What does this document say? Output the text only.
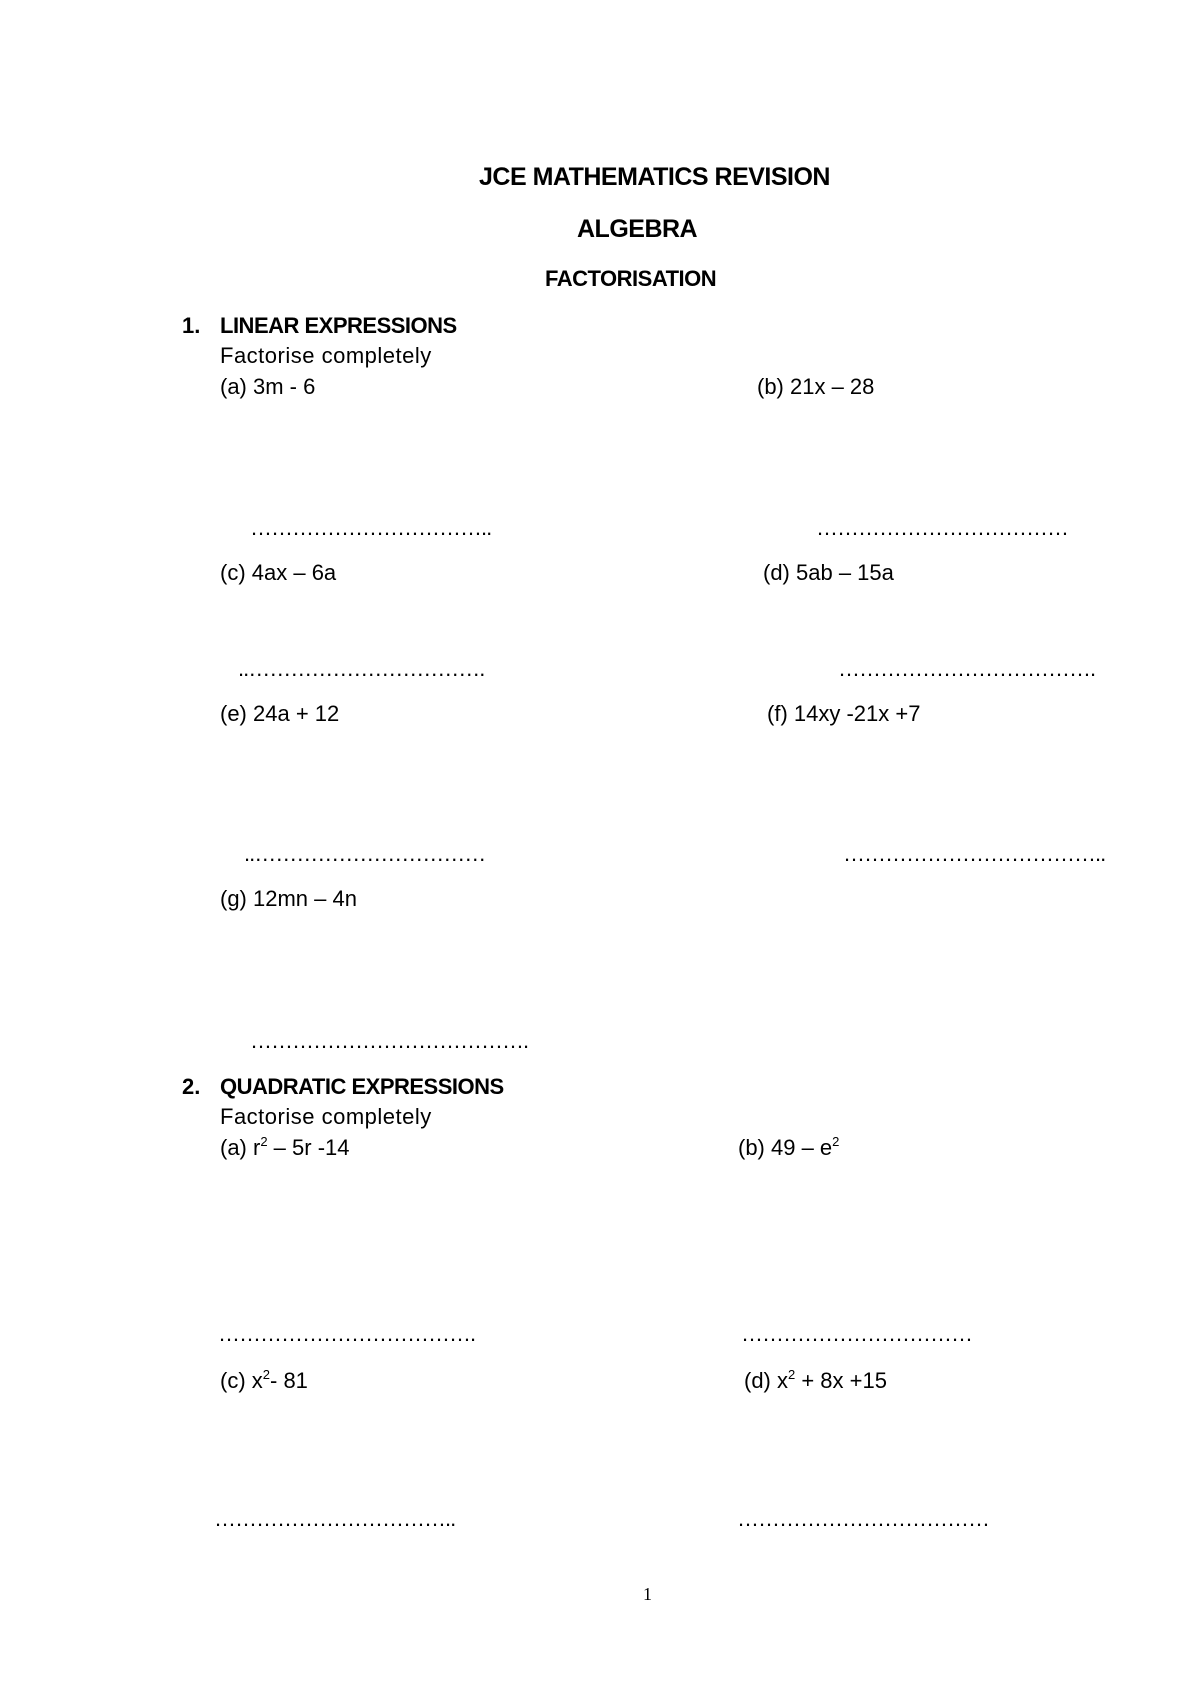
JCE MATHEMATICS REVISION
ALGEBRA
FACTORISATION
1. LINEAR EXPRESSIONS
Factorise completely
(a) 3m - 6	(b) 21x – 28
……………………………..	………………………………
(c) 4ax – 6a	(d) 5ab – 15a
..…………………………….	……………………………….
(e) 24a + 12	(f) 14xy -21x +7
..……………………………	………………………………..
(g) 12mn – 4n
………………………………….
2. QUADRATIC EXPRESSIONS
Factorise completely
(a) $r^2 - 5r$ -14	(b) $49 - e^2$
……………………………….	……………………………
(c) $x^2-$ 81	(d) $x^2 + 8x +15$
……………………………..	………………………………
1
